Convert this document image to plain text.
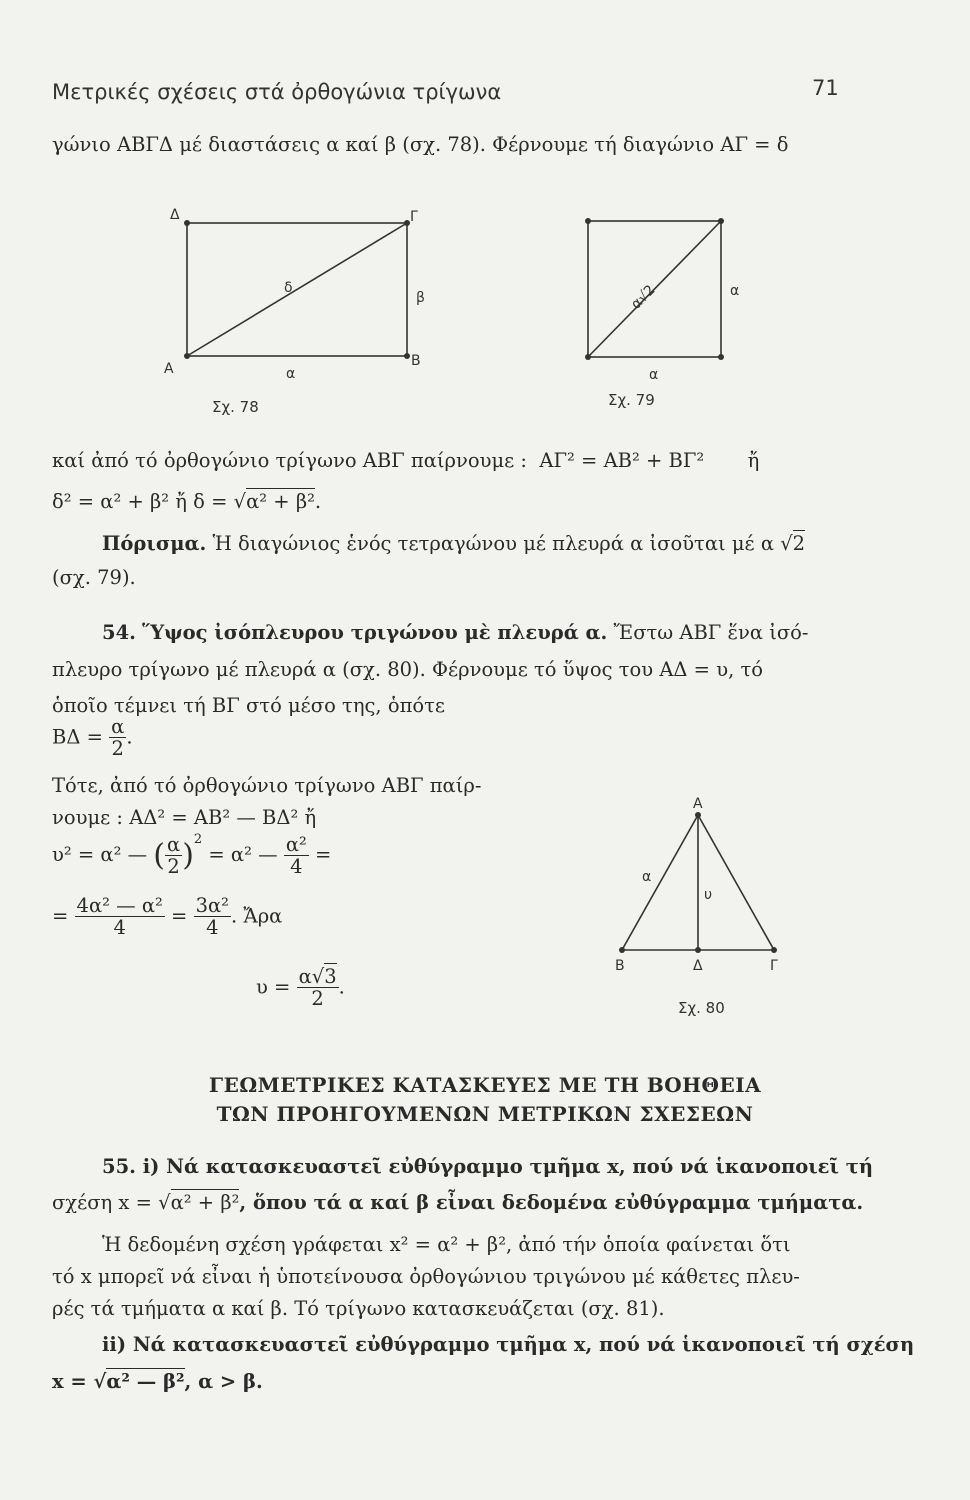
Μετρικές σχέσεις στά ὀρθογώνια τρίγωνα	71
γώνιο ΑΒΓΔ μέ διαστάσεις α καί β (σχ. 78). Φέρνουμε τή διαγώνιο ΑΓ = δ
Δ	Γ
Α	Β
α
β
δ
Σχ. 78
α
α
α√2
Σχ. 79
καί ἀπό τό ὀρθογώνιο τρίγωνο ΑΒΓ παίρνουμε : ΑΓ² = ΑΒ² + ΒΓ² ἤ
δ² = α² + β² ἤ δ = √α² + β².
Πόρισμα. Ἡ διαγώνιος ἑνός τετραγώνου μέ πλευρά α ἰσοῦται μέ α √2
(σχ. 79).
54. Ὕψος ἰσόπλευρου τριγώνου μὲ πλευρά α. Ἔστω ΑΒΓ ἕνα ἰσό-
πλευρο τρίγωνο μέ πλευρά α (σχ. 80). Φέρνουμε τό ὕψος του ΑΔ = υ, τό
ὁποῖο τέμνει τή ΒΓ στό μέσο της, ὁπότε
$B\Delta = \frac{\alpha}{2}$ .
Τότε, ἀπό τό ὀρθογώνιο τρίγωνο ΑΒΓ παίρ-
νουμε : ΑΔ² = ΑΒ² — ΒΔ² ἤ
υ² = α² — ( $\frac{\alpha}{2} )^2 = \alpha^2$ — $\frac{\text{α²}}{4}$ =
= $\frac{\text{4α² — α²}}{4} = \frac{\text{3α²}}{4}$ . Ἄρα
$\upsilon = \frac{\alpha√3}{2}$ .
Α
Β	Δ	Γ
α
υ
Σχ. 80
ΓΕΩΜΕΤΡΙΚΕΣ ΚΑΤΑΣΚΕΥΕΣ ΜΕ ΤΗ ΒΟΗΘΕΙΑ
ΤΩΝ ΠΡΟΗΓΟΥΜΕΝΩΝ ΜΕΤΡΙΚΩΝ ΣΧΕΣΕΩΝ
55. i) Νά κατασκευαστεῖ εὐθύγραμμο τμῆμα x, πού νά ἱκανοποιεῖ τή
σχέση x = √α² + β², ὅπου τά α καί β εἶναι δεδομένα εὐθύγραμμα τμήματα.
Ἡ δεδομένη σχέση γράφεται x² = α² + β², ἀπό τήν ὁποία φαίνεται ὅτι
τό x μπορεῖ νά εἶναι ἡ ὑποτείνουσα ὀρθογώνιου τριγώνου μέ κάθετες πλευ-
ρές τά τμήματα α καί β. Τό τρίγωνο κατασκευάζεται (σχ. 81).
ii) Νά κατασκευαστεῖ εὐθύγραμμο τμῆμα x, πού νά ἱκανοποιεῖ τή σχέση
x = √α² — β², α > β.
